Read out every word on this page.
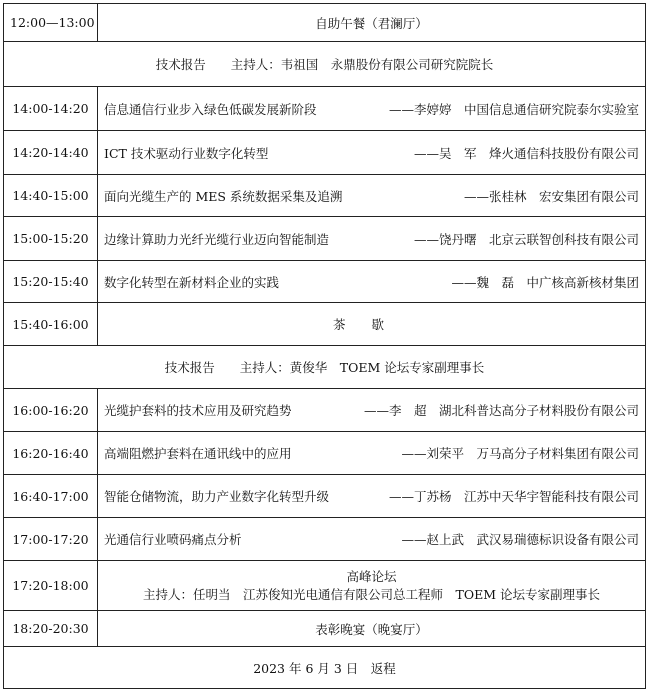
12:00—13:00	自助午餐（君澜厅）
技术报告　　主持人：韦祖国　永鼎股份有限公司研究院院长	
14:00-14:20	信息通信行业步入绿色低碳发展新阶段 ——李婷婷　中国信息通信研究院泰尔实验室

14:20-14:40	ICT 技术驱动行业数字化转型 ——吴　军　烽火通信科技股份有限公司

14:40-15:00	面向光缆生产的 MES 系统数据采集及追溯 ——张桂林　宏安集团有限公司

15:00-15:20	边缘计算助力光纤光缆行业迈向智能制造 ——饶丹曙　北京云联智创科技有限公司

15:20-15:40	数字化转型在新材料企业的实践 ——魏　磊　中广核高新核材集团

15:40-16:00	茶歇
技术报告　　主持人：黄俊华　TOEM 论坛专家副理事长	
16:00-16:20	光缆护套料的技术应用及研究趋势 ——李　超　湖北科普达高分子材料股份有限公司

16:20-16:40	高端阻燃护套料在通讯线中的应用 ——刘荣平　万马高分子材料集团有限公司

16:40-17:00	智能仓储物流，助力产业数字化转型升级 ——丁苏杨　江苏中天华宇智能科技有限公司

17:00-17:20	光通信行业喷码痛点分析 ——赵上武　武汉易瑞德标识设备有限公司

17:20-18:00	高峰论坛
主持人：任明当　江苏俊知光电通信有限公司总工程师　TOEM 论坛专家副理事长

18:20-20:30	表彰晚宴（晚宴厅）
2023 年 6 月 3 日　返程	
